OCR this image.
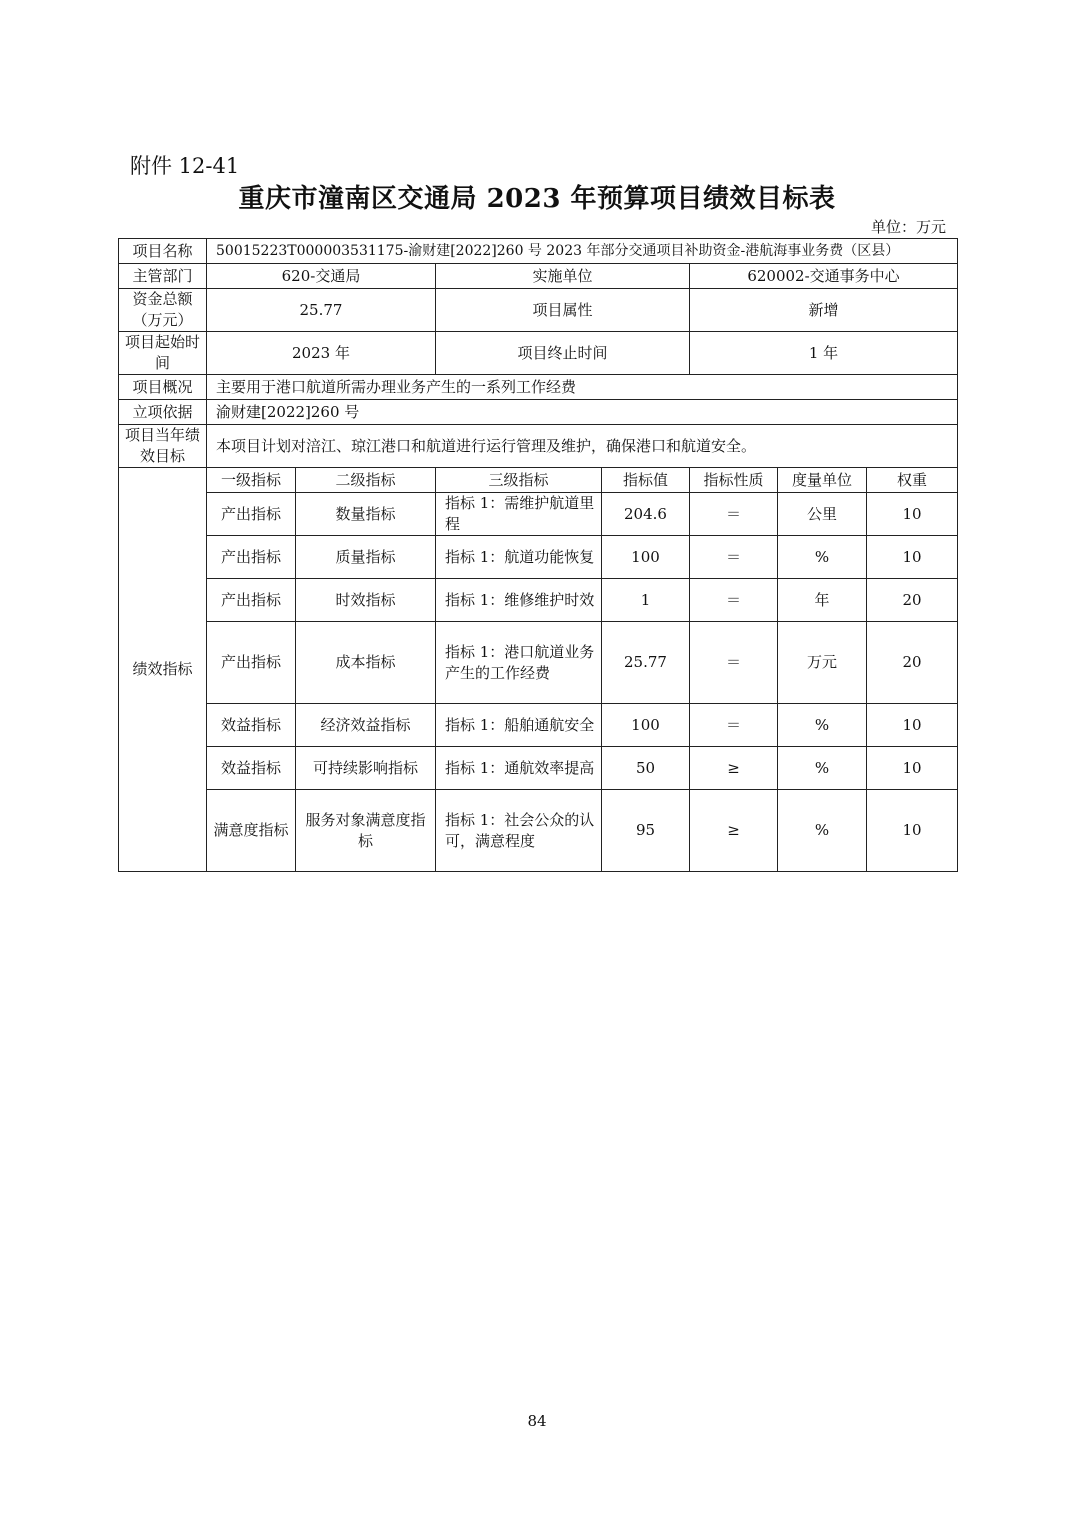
附件 12-41
重庆市潼南区交通局 2023 年预算项目绩效目标表
单位：万元
项目名称	50015223T000003531175-渝财建[2022]260 号 2023 年部分交通项目补助资金-港航海事业务费（区县）						
主管部门	620-交通局		实施单位		620002-交通事务中心		
资金总额（万元）	25.77		项目属性		新增		
项目起始时间	2023 年		项目终止时间		1 年		
项目概况	主要用于港口航道所需办理业务产生的一系列工作经费						
立项依据	渝财建[2022]260 号						
项目当年绩效目标	本项目计划对涪江、琼江港口和航道进行运行管理及维护，确保港口和航道安全。						
绩效指标	一级指标	二级指标	三级指标	指标值	指标性质	度量单位	权重
	产出指标	数量指标	指标 1：需维护航道里程	204.6	＝	公里	10
	产出指标	质量指标	指标 1：航道功能恢复	100	＝	%	10
	产出指标	时效指标	指标 1：维修维护时效	1	＝	年	20
	产出指标	成本指标	指标 1：港口航道业务产生的工作经费	25.77	＝	万元	20
	效益指标	经济效益指标	指标 1：船舶通航安全	100	＝	%	10
	效益指标	可持续影响指标	指标 1：通航效率提高	50	≥	%	10
	满意度指标	服务对象满意度指标	指标 1：社会公众的认可，满意程度	95	≥	%	10
84
